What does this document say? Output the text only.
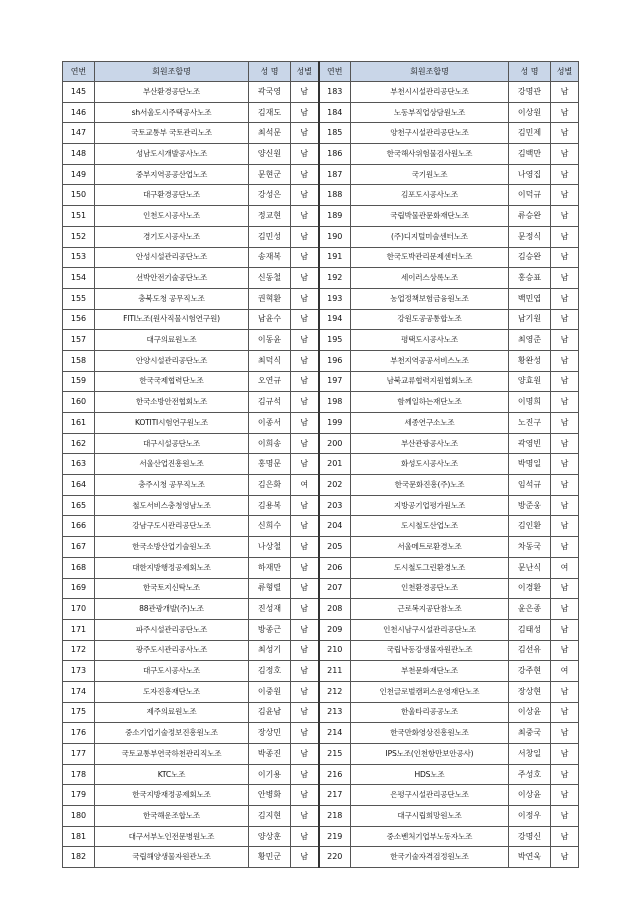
연번	회원조합명	성 명	성별	연번	회원조합명	성 명	성별
145	부산환경공단노조	곽국영	남	183	부천시시설관리공단노조	강명관	남
146	sh서울도시주택공사노조	김재도	남	184	노동부직업상담원노조	이상원	남
147	국토교통부 국토관리노조	최석문	남	185	양천구시설관리공단노조	김민제	남
148	성남도시개발공사노조	양신원	남	186	한국해사위험물검사원노조	김백만	남
149	중부지역공공산업노조	문현군	남	187	국기원노조	나영집	남
150	대구환경공단노조	강성은	남	188	김포도시공사노조	이덕규	남
151	인천도시공사노조	정교현	남	189	국립박물관문화재단노조	류승완	남
152	경기도시공사노조	김민성	남	190	(주)디지털미술센터노조	문정식	남
153	안성시설관리공단노조	송재복	남	191	한국도박관리문제센터노조	김승완	남
154	선박안전기술공단노조	신동철	남	192	세이러스상록노조	홍승표	남
155	충북도청 공무직노조	권혁환	남	193	농업정책보험금융원노조	백민엽	남
156	FITI노조(원사직물시험연구원)	남윤수	남	194	강원도공공통합노조	남기원	남
157	대구의료원노조	이동윤	남	195	평택도시공사노조	최영준	남
158	안양시설관리공단노조	최덕식	남	196	부천지역공공서비스노조	황완성	남
159	한국국제협력단노조	오연규	남	197	남북교류협력지원협회노조	양효원	남
160	한국소방안전협회노조	김규석	남	198	함께일하는재단노조	이명희	남
161	KOTITI시험연구원노조	이종서	남	199	세종연구소노조	노진구	남
162	대구시설공단노조	이희송	남	200	부산관광공사노조	곽영빈	남
163	서울산업진흥원노조	홍명문	남	201	화성도시공사노조	박명일	남
164	충주시청 공무직노조	김은화	여	202	한국문화진흥(주)노조	임석규	남
165	철도서비스충청영남노조	김용복	남	203	지방공기업평가원노조	방준웅	남
166	강남구도시관리공단노조	신희수	남	204	도시철도산업노조	김인환	남
167	한국소방산업기술원노조	나상철	남	205	서울메트로환경노조	차동국	남
168	대한지방행정공제회노조	하재만	남	206	도시철도그린환경노조	문난식	여
169	한국토지신탁노조	류형렬	남	207	인천환경공단노조	이경환	남
170	88관광개발(주)노조	진성재	남	208	근로복지공단참노조	윤은종	남
171	파주시설관리공단노조	방종근	남	209	인천시남구시설관리공단노조	김태성	남
172	광주도시관리공사노조	최성기	남	210	국립낙동강생물자원관노조	김선유	남
173	대구도시공사노조	김정호	남	211	부천문화재단노조	강주현	여
174	도자진흥재단노조	이중원	남	212	인천글로벌캠퍼스운영재단노조	장상현	남
175	제주의료원노조	김윤남	남	213	한울타리공공노조	이상윤	남
176	중소기업기술정보진흥원노조	장상민	남	214	한국만화영상진흥원노조	최중국	남
177	국토교통부연국하천관리직노조	박종진	남	215	IPS노조(인천항만보안공사)	서창일	남
178	KTC노조	이기용	남	216	HDS노조	주성호	남
179	한국지방재정공제회노조	안병화	남	217	은평구시설관리공단노조	이상윤	남
180	한국해운조합노조	김지현	남	218	대구시립희망원노조	이정우	남
181	대구서부노인전문병원노조	양상훈	남	219	중소벤처기업부노동자노조	강명신	남
182	국립해양생물자원관노조	황민군	남	220	한국기술자격검정원노조	박연욱	남
